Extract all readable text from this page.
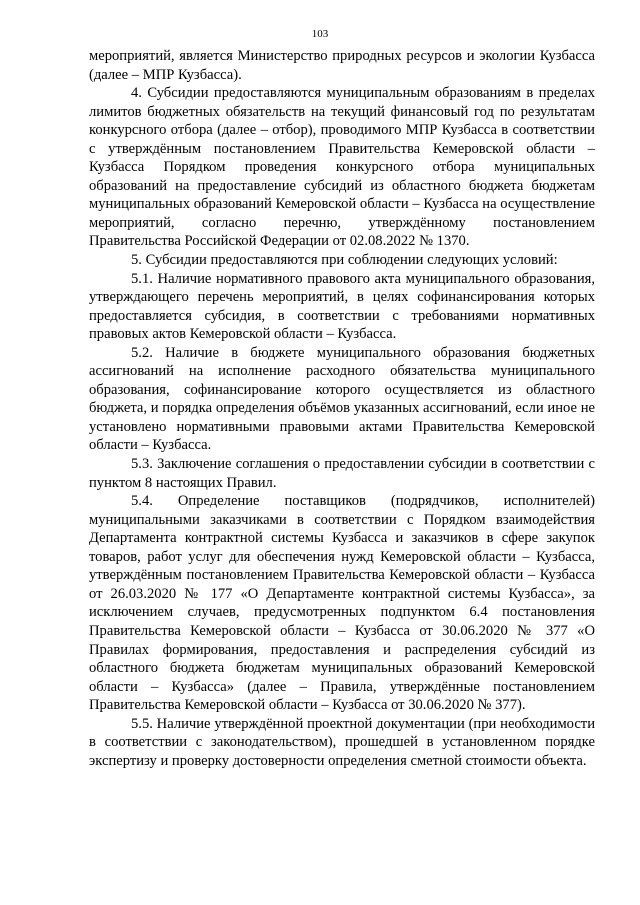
103

мероприятий, является Министерство природных ресурсов и экологии Кузбасса (далее – МПР Кузбасса).

4. Субсидии предоставляются муниципальным образованиям в пределах лимитов бюджетных обязательств на текущий финансовый год по результатам конкурсного отбора (далее – отбор), проводимого МПР Кузбасса в соответствии с утверждённым постановлением Правительства Кемеровской области – Кузбасса Порядком проведения конкурсного отбора муниципальных образований на предоставление субсидий из областного бюджета бюджетам муниципальных образований Кемеровской области – Кузбасса на осуществление мероприятий, согласно перечню, утверждённому постановлением Правительства Российской Федерации от 02.08.2022 № 1370.

5. Субсидии предоставляются при соблюдении следующих условий:

5.1. Наличие нормативного правового акта муниципального образования, утверждающего перечень мероприятий, в целях софинансирования которых предоставляется субсидия, в соответствии с требованиями нормативных правовых актов Кемеровской области – Кузбасса.

5.2. Наличие в бюджете муниципального образования бюджетных ассигнований на исполнение расходного обязательства муниципального образования, софинансирование которого осуществляется из областного бюджета, и порядка определения объёмов указанных ассигнований, если иное не установлено нормативными правовыми актами Правительства Кемеровской области – Кузбасса.

5.3. Заключение соглашения о предоставлении субсидии в соответствии с пунктом 8 настоящих Правил.

5.4. Определение поставщиков (подрядчиков, исполнителей) муниципальными заказчиками в соответствии с Порядком взаимодействия Департамента контрактной системы Кузбасса и заказчиков в сфере закупок товаров, работ услуг для обеспечения нужд Кемеровской области – Кузбасса, утверждённым постановлением Правительства Кемеровской области – Кузбасса от 26.03.2020 № 177 «О Департаменте контрактной системы Кузбасса», за исключением случаев, предусмотренных подпунктом 6.4 постановления Правительства Кемеровской области – Кузбасса от 30.06.2020 № 377 «О Правилах формирования, предоставления и распределения субсидий из областного бюджета бюджетам муниципальных образований Кемеровской области – Кузбасса» (далее – Правила, утверждённые постановлением Правительства Кемеровской области – Кузбасса от 30.06.2020 № 377).

5.5. Наличие утверждённой проектной документации (при необходимости в соответствии с законодательством), прошедшей в установленном порядке экспертизу и проверку достоверности определения сметной стоимости объекта.
